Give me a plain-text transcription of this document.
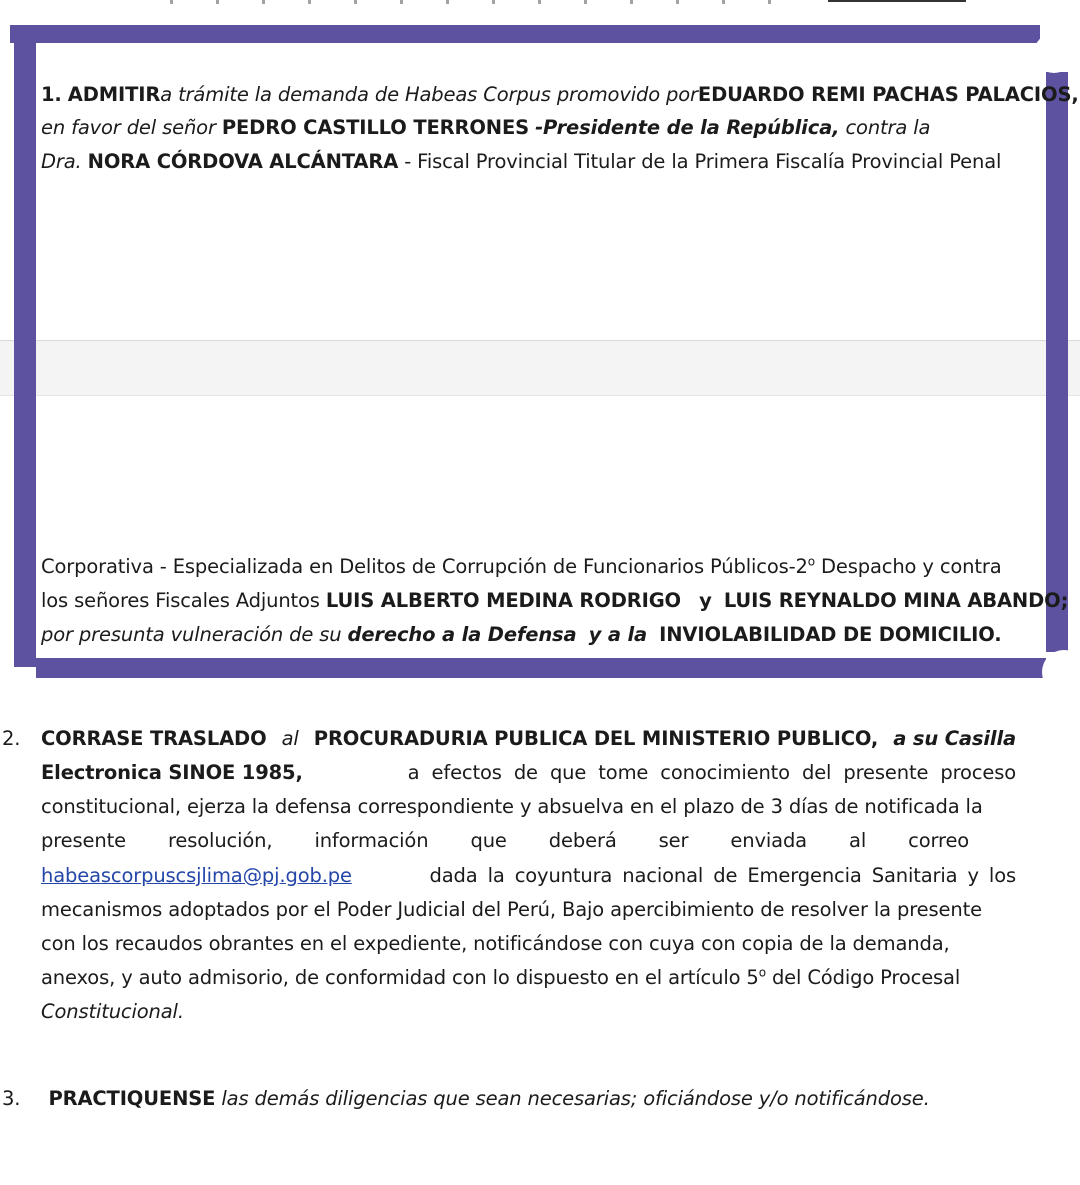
1. ADMITIR a trámite la demanda de Habeas Corpus promovido por EDUARDO REMI PACHAS PALACIOS,
en favor del señor PEDRO CASTILLO TERRONES -Presidente de la República, contra la
Dra. NORA CÓRDOVA ALCÁNTARA - Fiscal Provincial Titular de la Primera Fiscalía Provincial Penal
Corporativa - Especializada en Delitos de Corrupción de Funcionarios Públicos-2$^o$ Despacho y contra
los señores Fiscales Adjuntos LUIS ALBERTO MEDINA RODRIGO y LUIS REYNALDO MINA ABANDO;
por presunta vulneración de su derecho a la Defensa y a la INVIOLABILIDAD DE DOMICILIO.
2.	CORRASE TRASLADO al PROCURADURIA PUBLICA DEL MINISTERIO PUBLICO, a su Casilla
Electronica SINOE 1985,	a efectos de que tome conocimiento del presente proceso
constitucional, ejerza la defensa correspondiente y absuelva en el plazo de 3 días de notificada la
presente resolución, información que deberá ser enviada al correo
habeascorpuscsjlima@pj.gob.pe	dada la coyuntura nacional de Emergencia Sanitaria y los
mecanismos adoptados por el Poder Judicial del Perú, Bajo apercibimiento de resolver la presente
con los recaudos obrantes en el expediente, notificándose con cuya con copia de la demanda,
anexos, y auto admisorio, de conformidad con lo dispuesto en el artículo 5$^o$ del Código Procesal
Constitucional.
3. PRACTIQUENSE las demás diligencias que sean necesarias; oficiándose y/o notificándose.
